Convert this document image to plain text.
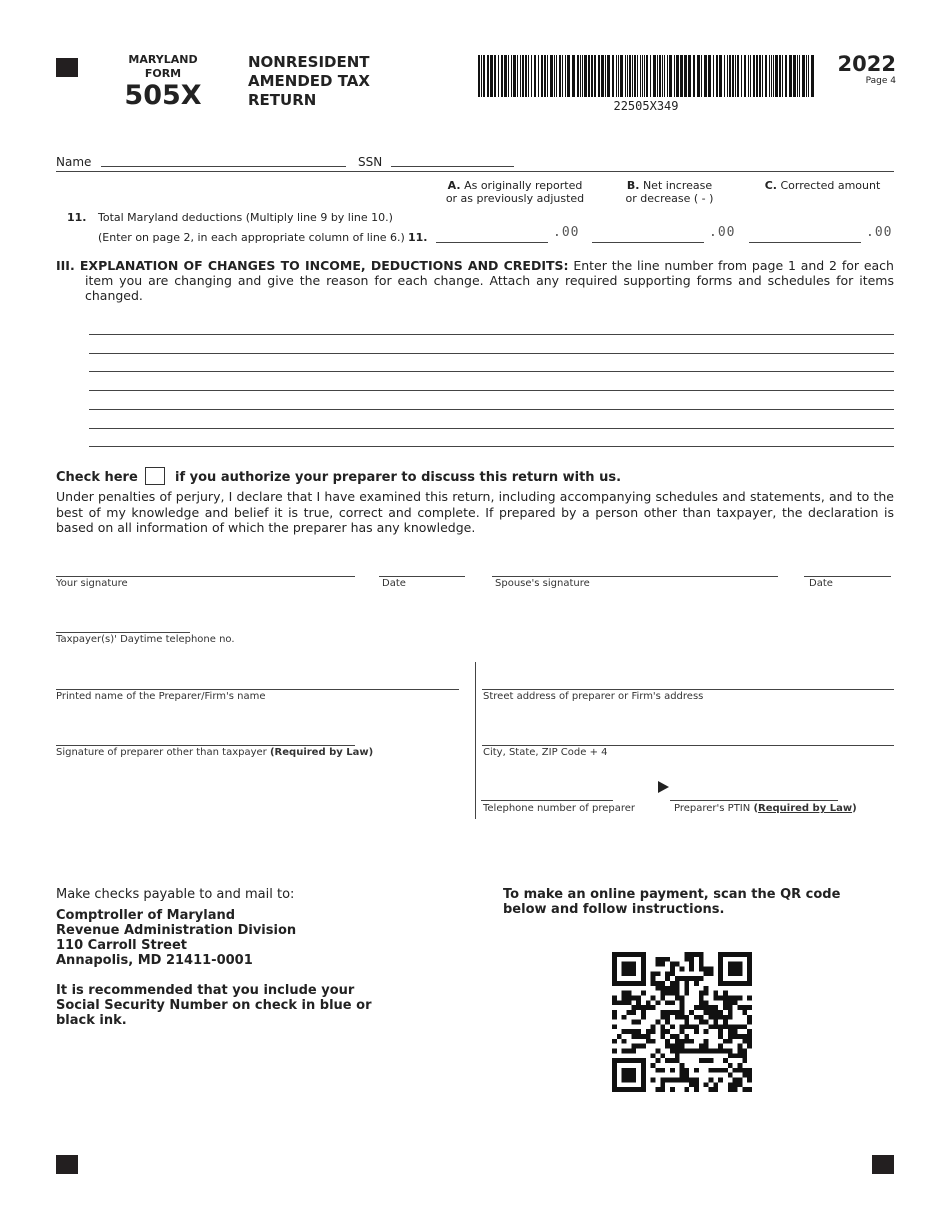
MARYLAND
FORM
505X
NONRESIDENT
AMENDED TAX
RETURN	22505X349
2022
Page 4
Name	SSN
A. As originally reported
or as previously adjusted
B. Net increase
or decrease ( - )
C. Corrected amount
11. Total Maryland deductions (Multiply line 9 by line 10.)
(Enter on page 2, in each appropriate column of line 6.) 11.	.00	.00	.00
III. EXPLANATION OF CHANGES TO INCOME, DEDUCTIONS AND CREDITS: Enter the line number from page 1 and 2 for each item you are changing and give the reason for each change. Attach any required supporting forms and schedules for items changed.
Check here	if you authorize your preparer to discuss this return with us.
Under penalties of perjury, I declare that I have examined this return, including accompanying schedules and statements, and to the best of my knowledge and belief it is true, correct and complete. If prepared by a person other than taxpayer, the declaration is based on all information of which the preparer has any knowledge.
Your signature	Date	Spouse's signature	Date
Taxpayer(s)' Daytime telephone no.
Printed name of the Preparer/Firm's name	Street address of preparer or Firm's address
Signature of preparer other than taxpayer (Required by Law)	City, State, ZIP Code + 4
Telephone number of preparer	Preparer's PTIN (Required by Law)
Make checks payable to and mail to:
Comptroller of Maryland
Revenue Administration Division
110 Carroll Street
Annapolis, MD 21411-0001
It is recommended that you include your Social Security Number on check in blue or black ink.
To make an online payment, scan the QR code below and follow instructions.
